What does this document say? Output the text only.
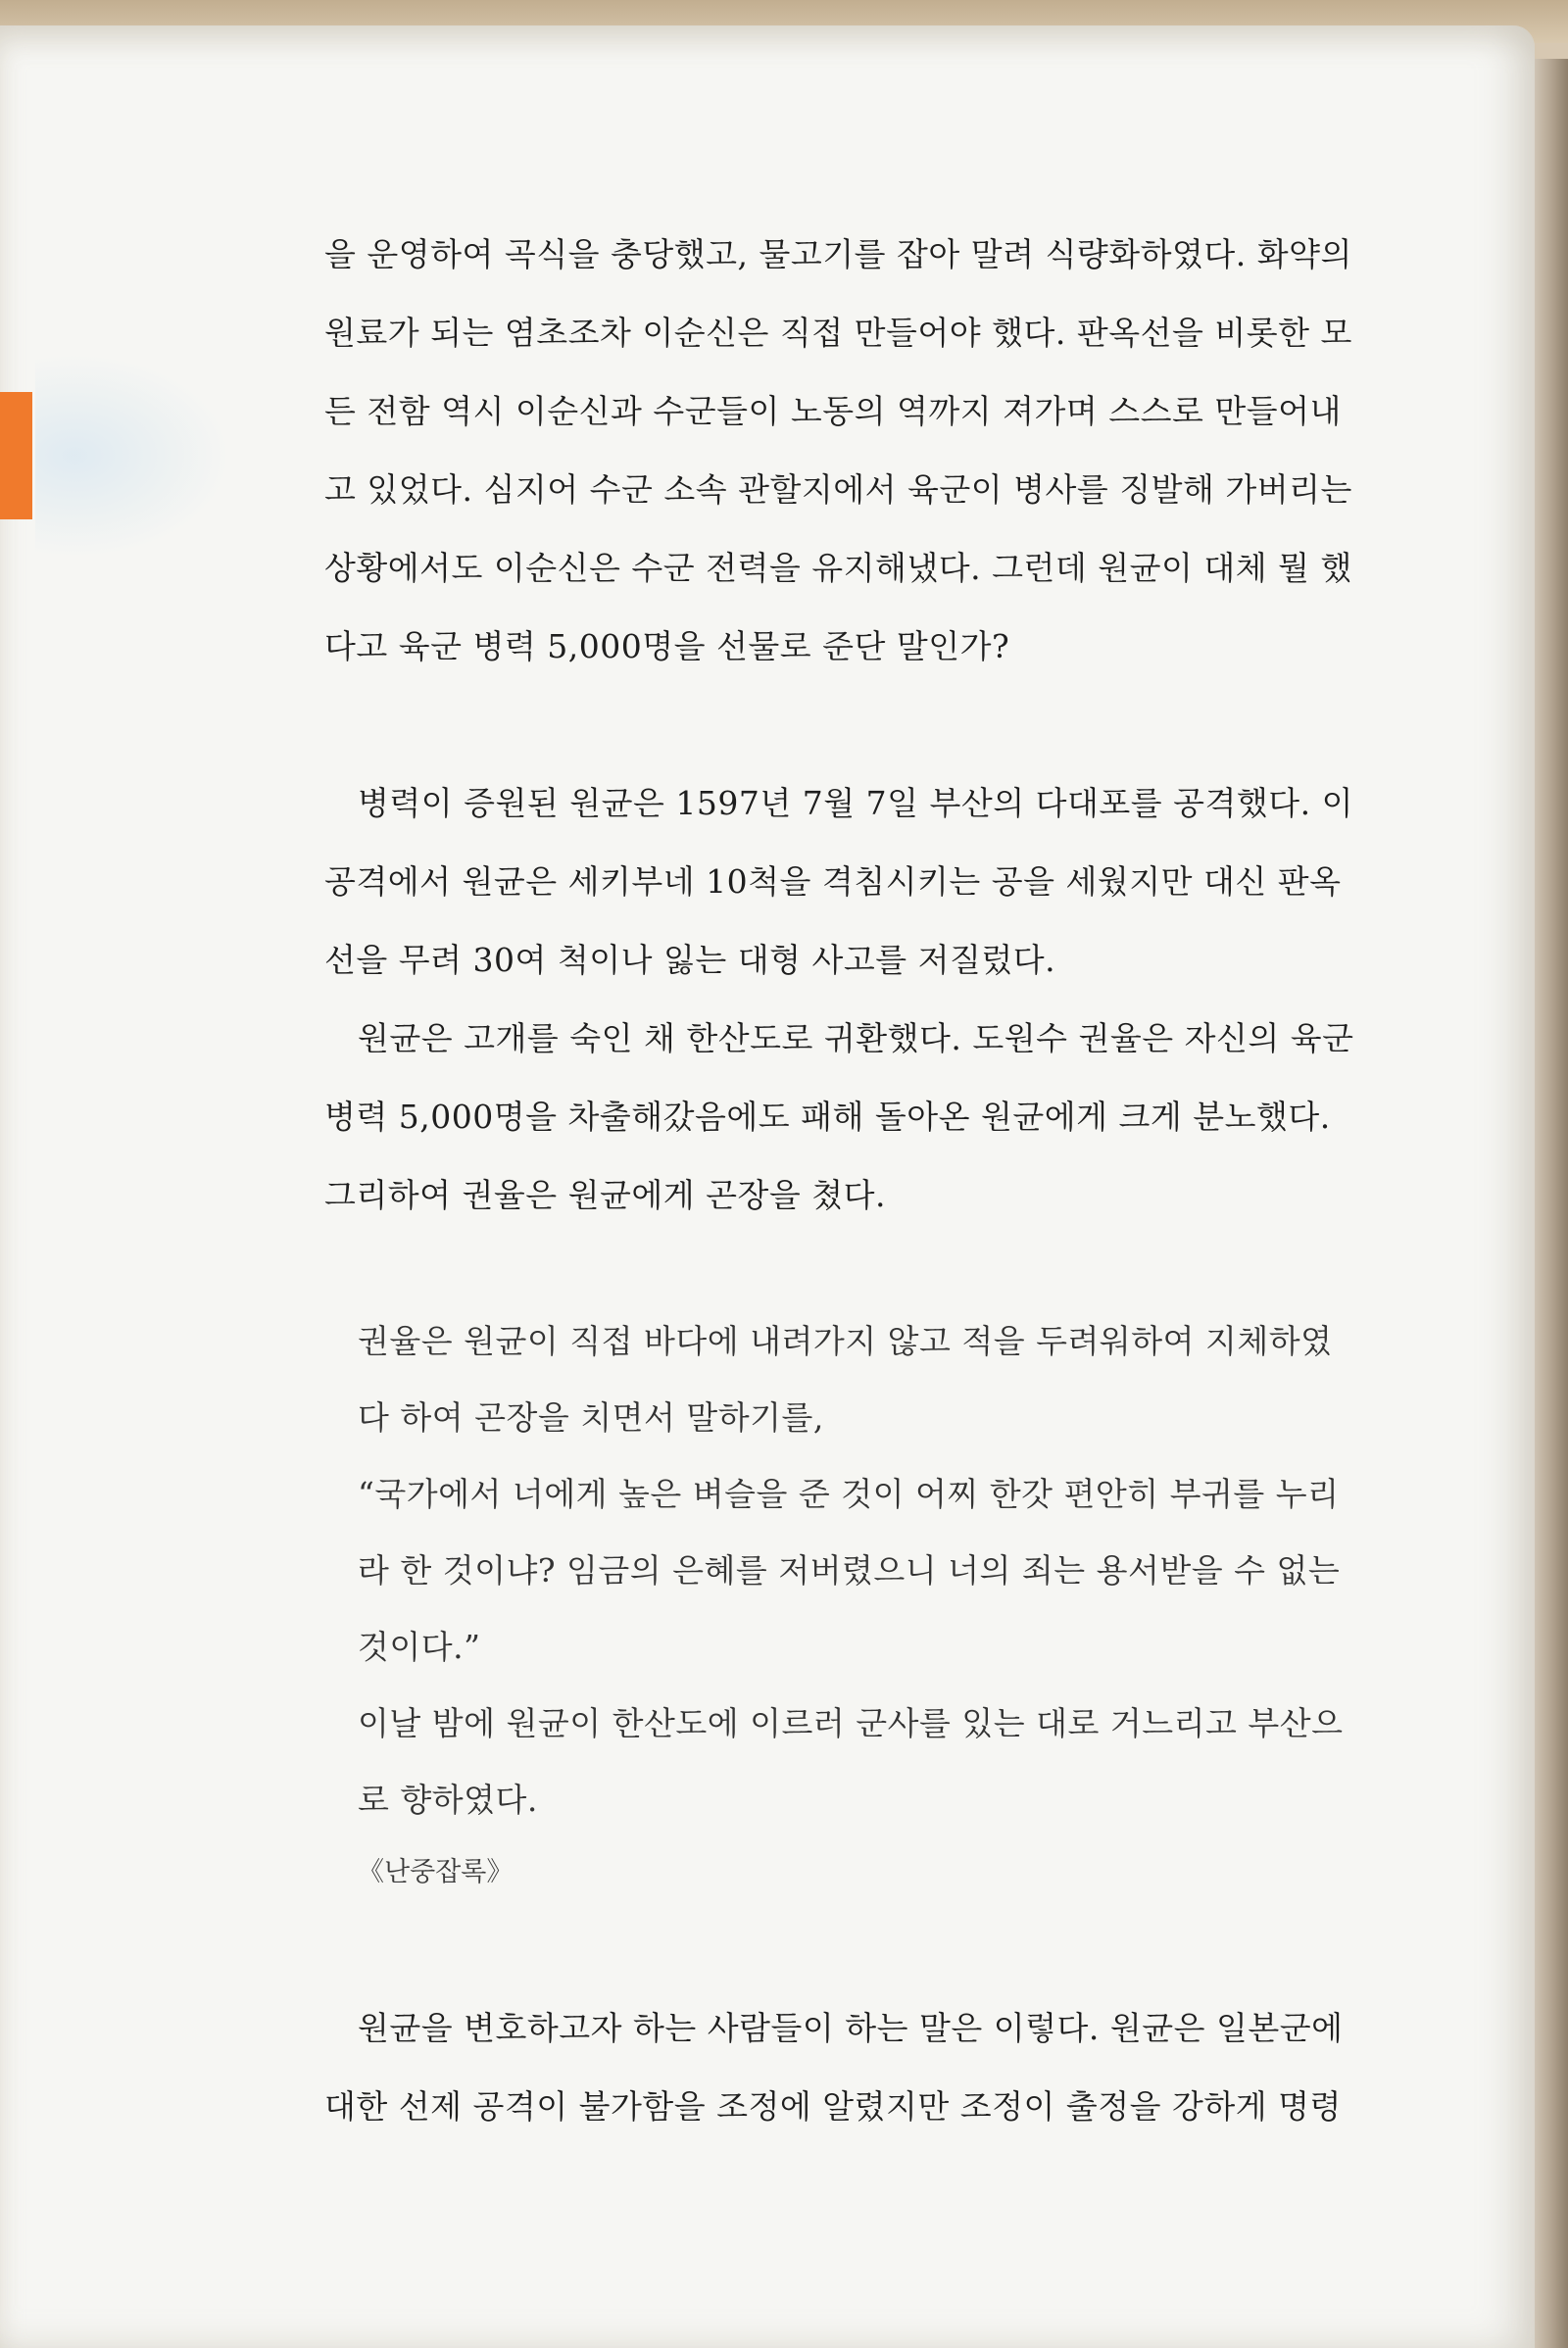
을 운영하여 곡식을 충당했고, 물고기를 잡아 말려 식량화하였다. 화약의
원료가 되는 염초조차 이순신은 직접 만들어야 했다. 판옥선을 비롯한 모
든 전함 역시 이순신과 수군들이 노동의 역까지 져가며 스스로 만들어내
고 있었다. 심지어 수군 소속 관할지에서 육군이 병사를 징발해 가버리는
상황에서도 이순신은 수군 전력을 유지해냈다. 그런데 원균이 대체 뭘 했
다고 육군 병력 5,000명을 선물로 준단 말인가?
병력이 증원된 원균은 1597년 7월 7일 부산의 다대포를 공격했다. 이
공격에서 원균은 세키부네 10척을 격침시키는 공을 세웠지만 대신 판옥
선을 무려 30여 척이나 잃는 대형 사고를 저질렀다.
원균은 고개를 숙인 채 한산도로 귀환했다. 도원수 권율은 자신의 육군
병력 5,000명을 차출해갔음에도 패해 돌아온 원균에게 크게 분노했다.
그리하여 권율은 원균에게 곤장을 쳤다.
권율은 원균이 직접 바다에 내려가지 않고 적을 두려워하여 지체하였
다 하여 곤장을 치면서 말하기를,
“국가에서 너에게 높은 벼슬을 준 것이 어찌 한갓 편안히 부귀를 누리
라 한 것이냐? 임금의 은혜를 저버렸으니 너의 죄는 용서받을 수 없는
것이다.”
이날 밤에 원균이 한산도에 이르러 군사를 있는 대로 거느리고 부산으
로 향하였다.

《난중잡록》

원균을 변호하고자 하는 사람들이 하는 말은 이렇다. 원균은 일본군에
대한 선제 공격이 불가함을 조정에 알렸지만 조정이 출정을 강하게 명령
